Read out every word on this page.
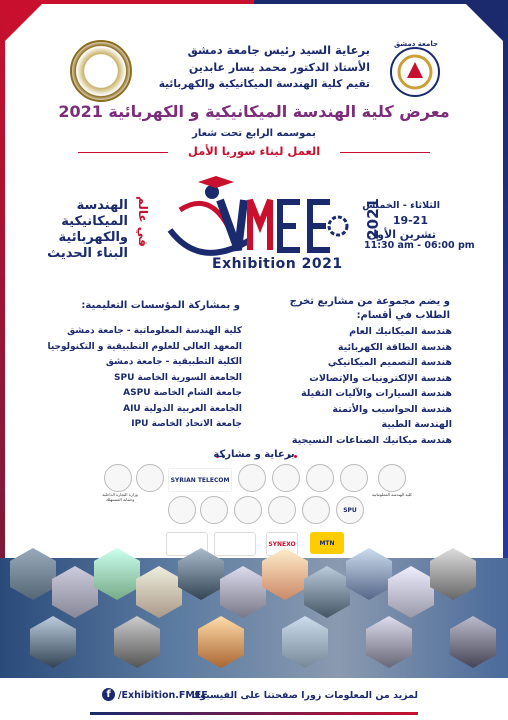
جامعة دمشق
برعاية السيد رئيس جامعة دمشق
الأستاذ الدكتور محمد يسار عابدين
تقيم كلية الهندسة الميكانيكية والكهربائية
معرض كلية الهندسة الميكانيكية و الكهربائية 2021
بموسمه الرابع تحت شعار
العمل لبناء سوريا الأمل
الهندسة
الميكانيكية
والكهربائية
البناء الحديث
في عالم
Exhibition 2021
2021
الثلاثاء - الخميس
19-21
تشرين الأول
11:30 am - 06:00 pm
و يضم مجموعة من مشاريع تخرج
الطلاب في أقسام:
هندسة الميكانيك العام
هندسة الطاقة الكهربائية
هندسة التصميم الميكانيكي
هندسة الإلكترونيات والإتصالات
هندسة السيارات والآليات الثقيلة
هندسة الحواسيب والأتمتة
الهندسة الطبية
هندسة ميكانيك الصناعات النسيجية
و بمشاركة المؤسسات التعليمية:
كلية الهندسة المعلوماتية - جامعة دمشق
المعهد العالي للعلوم التطبيقية و التكنولوجيا
الكلية التطبيقية - جامعة دمشق
الجامعة السورية الخاصة SPU
جامعة الشام الخاصة ASPU
الجامعة العربية الدولية AIU
جامعة الاتحاد الخاصة IPU
برعاية و مشاركة
SYRIAN TELECOM
وزارة التجارة الداخلية وحماية المستهلك
كلية الهندسة المعلوماتية
SPU
SYNEXO	MTN
لمزيد من المعلومات زورا صفحتنا على الفيسبوك
f /Exhibition.FMEE
